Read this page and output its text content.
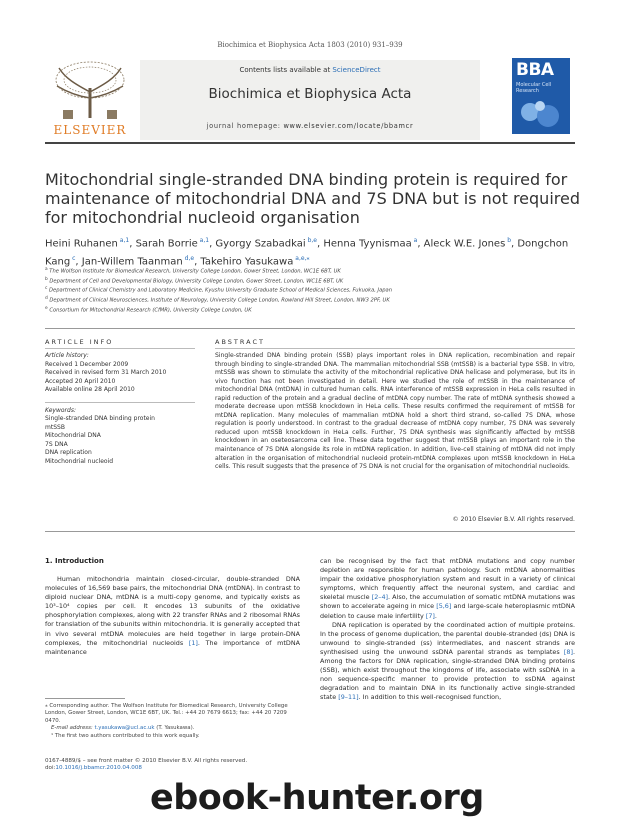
Biochimica et Biophysica Acta 1803 (2010) 931–939
ELSEVIER
Contents lists available at ScienceDirect
Biochimica et Biophysica Acta
journal homepage: www.elsevier.com/locate/bbamcr
BBA
Molecular Cell Research
Mitochondrial single-stranded DNA binding protein is required for maintenance of mitochondrial DNA and 7S DNA but is not required for mitochondrial nucleoid organisation
Heini Ruhanen $^{a,1}$, Sarah Borrie $^{a,1}$, Gyorgy Szabadkai $^{b,e}$, Henna Tyynismaa $^a$, Aleck W.E. Jones $^b$, Dongchon Kang $^c$, Jan-Willem Taanman $^{d,e}$, Takehiro Yasukawa $^{a,e,⁎}$
$^a$ The Wolfson Institute for Biomedical Research, University College London, Gower Street, London, WC1E 6BT, UK
$^b$ Department of Cell and Developmental Biology, University College London, Gower Street, London, WC1E 6BT, UK
$^c$ Department of Clinical Chemistry and Laboratory Medicine, Kyushu University Graduate School of Medical Sciences, Fukuoka, Japan
$^d$ Department of Clinical Neurosciences, Institute of Neurology, University College London, Rowland Hill Street, London, NW3 2PF, UK
$^e$ Consortium for Mitochondrial Research (CfMR), University College London, UK
ARTICLE INFO
Article history:
Received 1 December 2009
Received in revised form 31 March 2010
Accepted 20 April 2010
Available online 28 April 2010
Keywords:
Single-stranded DNA binding protein
mtSSB
Mitochondrial DNA
7S DNA
DNA replication
Mitochondrial nucleoid
ABSTRACT
Single-stranded DNA binding protein (SSB) plays important roles in DNA replication, recombination and repair through binding to single-stranded DNA. The mammalian mitochondrial SSB (mtSSB) is a bacterial type SSB. In vitro, mtSSB was shown to stimulate the activity of the mitochondrial replicative DNA helicase and polymerase, but its in vivo function has not been investigated in detail. Here we studied the role of mtSSB in the maintenance of mitochondrial DNA (mtDNA) in cultured human cells. RNA interference of mtSSB expression in HeLa cells resulted in rapid reduction of the protein and a gradual decline of mtDNA copy number. The rate of mtDNA synthesis showed a moderate decrease upon mtSSB knockdown in HeLa cells. These results confirmed the requirement of mtSSB for mtDNA replication. Many molecules of mammalian mtDNA hold a short third strand, so-called 7S DNA, whose regulation is poorly understood. In contrast to the gradual decrease of mtDNA copy number, 7S DNA was severely reduced upon mtSSB knockdown in HeLa cells. Further, 7S DNA synthesis was significantly affected by mtSSB knockdown in an oseteosarcoma cell line. These data together suggest that mtSSB plays an important role in the maintenance of 7S DNA alongside its role in mtDNA replication. In addition, live-cell staining of mtDNA did not imply alteration in the organisation of mitochondrial nucleoid protein-mtDNA complexes upon mtSSB knockdown in HeLa cells. This result suggests that the presence of 7S DNA is not crucial for the organisation of mitochondrial nucleoids.
© 2010 Elsevier B.V. All rights reserved.
1. Introduction

Human mitochondria maintain closed-circular, double-stranded DNA molecules of 16,569 base pairs, the mitochondrial DNA (mtDNA). In contrast to diploid nuclear DNA, mtDNA is a multi-copy genome, and typically exists as 10³–10⁴ copies per cell. It encodes 13 subunits of the oxidative phosphorylation complexes, along with 22 transfer RNAs and 2 ribosomal RNAs for translation of the subunits within mitochondria. It is generally accepted that in vivo several mtDNA molecules are held together in large protein-DNA complexes, the mitochondrial nucleoids [1]. The importance of mtDNA maintenance

can be recognised by the fact that mtDNA mutations and copy number depletion are responsible for human pathology. Such mtDNA abnormalities impair the oxidative phosphorylation system and result in a variety of clinical symptoms, which frequently affect the neuronal system, and cardiac and skeletal muscle [2–4]. Also, the accumulation of somatic mtDNA mutations was shown to accelerate ageing in mice [5,6] and large-scale heteroplasmic mtDNA deletion to cause male infertility [7].

DNA replication is operated by the coordinated action of multiple proteins. In the process of genome duplication, the parental double-stranded (ds) DNA is unwound to single-stranded (ss) intermediates, and nascent strands are synthesised using the unwound ssDNA parental strands as templates [8]. Among the factors for DNA replication, single-stranded DNA binding proteins (SSB), which exist throughout the kingdoms of life, associate with ssDNA in a non sequence-specific manner to provide protection to ssDNA against degradation and to maintain DNA in its functionally active single-stranded state [9–11]. In addition to this well-recognised function,

⁎ Corresponding author. The Wolfson Institute for Biomedical Research, University College London, Gower Street, London, WC1E 6BT, UK. Tel.: +44 20 7679 6613; fax: +44 20 7209 0470.
E-mail address: t.yasukawa@ucl.ac.uk (T. Yasukawa).
¹ The first two authors contributed to this work equally.
0167-4889/$ – see front matter © 2010 Elsevier B.V. All rights reserved.
doi:10.1016/j.bbamcr.2010.04.008
ebook-hunter.org
